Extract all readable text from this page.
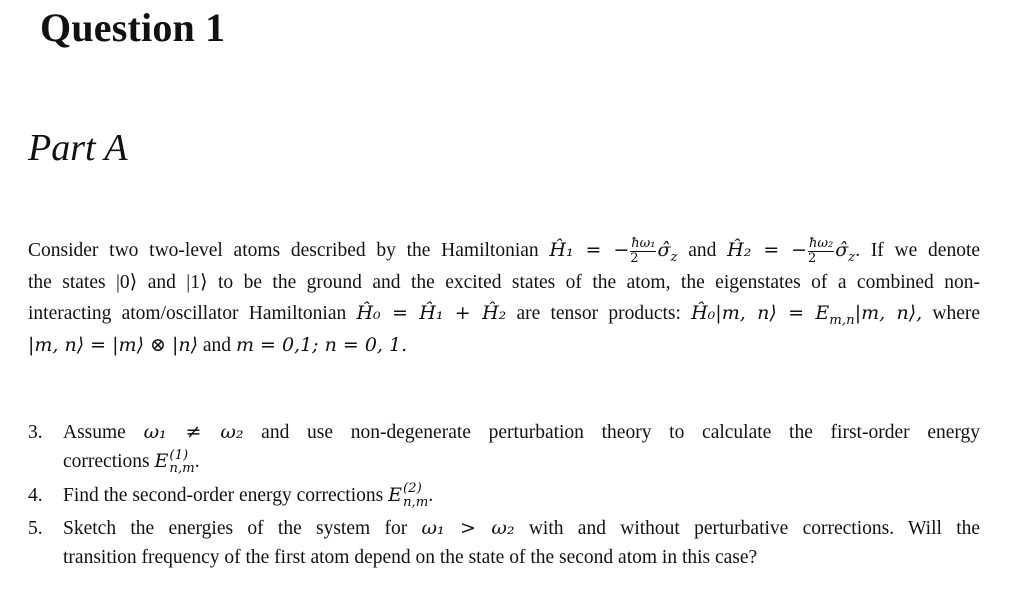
Question 1
Part A
Consider two two-level atoms described by the Hamiltonian Ĥ₁ = − $\frac{\text{ħω₁}}{2}$ $\sigmâ_z$ and Ĥ₂ = − $\frac{\text{ħω₂}}{2}$ $\sigmâ_z$. If we denote
the states |0⟩ and |1⟩ to be the ground and the excited states of the atom, the eigenstates of a combined non-
interacting atom/oscillator Hamiltonian Ĥ₀ = Ĥ₁ + Ĥ₂ are tensor products: Ĥ₀|m, n⟩ = $E_{m,n}|m$, n⟩, where
|m, n⟩ = |m⟩ ⊗ |n⟩ and m = 0,1; n = 0, 1.
3.	Assume ω₁ ≠ ω₂ and use non-degenerate perturbation theory to calculate the first-order energy
corrections E (1)
n,m .
4.	Find the second-order energy corrections E (2)
n,m .
5.	Sketch the energies of the system for ω₁ > ω₂ with and without perturbative corrections. Will the
transition frequency of the first atom depend on the state of the second atom in this case?
